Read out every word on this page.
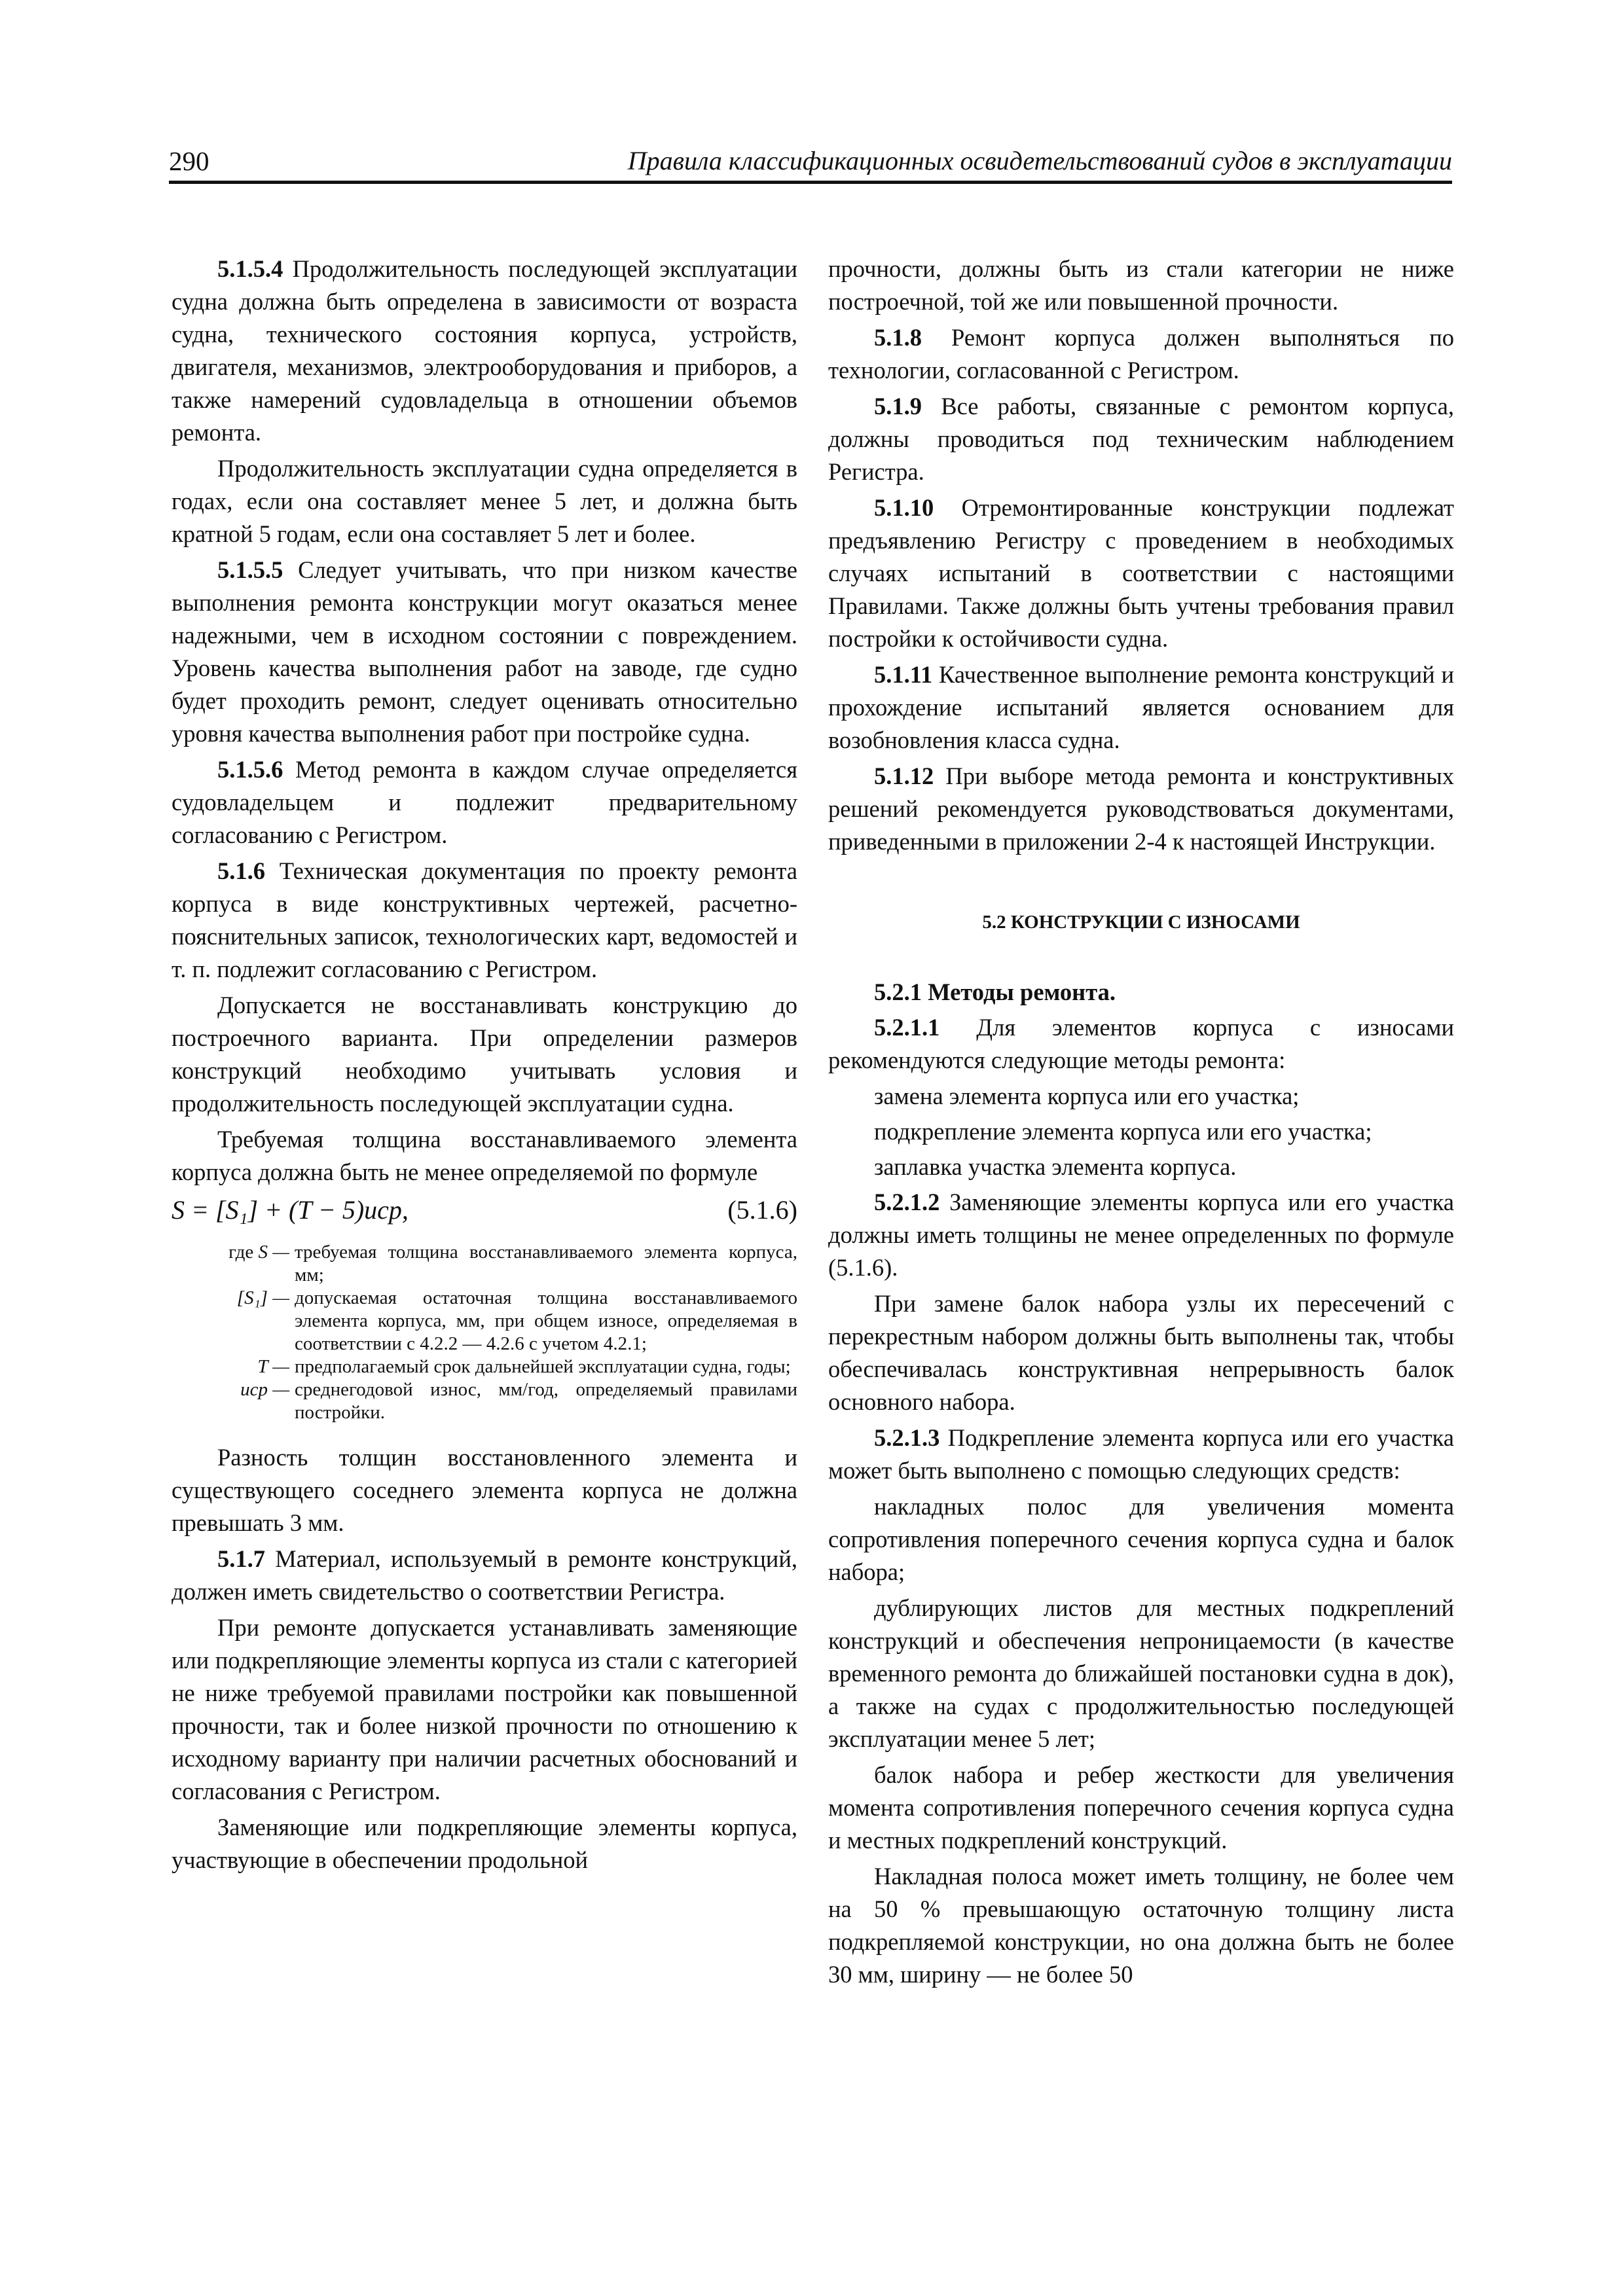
290	Правила классификационных освидетельствований судов в эксплуатации

5.1.5.4 Продолжительность последующей эксплуатации судна должна быть определена в зависимости от возраста судна, технического состояния корпуса, устройств, двигателя, механизмов, электрооборудования и приборов, а также намерений судовладельца в отношении объемов ремонта.

Продолжительность эксплуатации судна определяется в годах, если она составляет менее 5 лет, и должна быть кратной 5 годам, если она составляет 5 лет и более.

5.1.5.5 Следует учитывать, что при низком качестве выполнения ремонта конструкции могут оказаться менее надежными, чем в исходном состоянии с повреждением. Уровень качества выполнения работ на заводе, где судно будет проходить ремонт, следует оценивать относительно уровня качества выполнения работ при постройке судна.

5.1.5.6 Метод ремонта в каждом случае определяется судовладельцем и подлежит предварительному согласованию с Регистром.

5.1.6 Техническая документация по проекту ремонта корпуса в виде конструктивных чертежей, расчетно-пояснительных записок, технологических карт, ведомостей и т. п. подлежит согласованию с Регистром.

Допускается не восстанавливать конструкцию до построечного варианта. При определении размеров конструкций необходимо учитывать условия и продолжительность последующей эксплуатации судна.

Требуемая толщина восстанавливаемого элемента корпуса должна быть не менее определяемой по формуле

S = [S₁] + (T − 5)uср,	(5.1.6)
где S — требуемая толщина восстанавливаемого элемента корпуса, мм;
[S₁] — допускаемая остаточная толщина восстанавливаемого элемента корпуса, мм, при общем износе, определяемая в соответствии с 4.2.2 — 4.2.6 с учетом 4.2.1;
T — предполагаемый срок дальнейшей эксплуатации судна, годы;
uср — среднегодовой износ, мм/год, определяемый правилами постройки.

Разность толщин восстановленного элемента и существующего соседнего элемента корпуса не должна превышать 3 мм.

5.1.7 Материал, используемый в ремонте конструкций, должен иметь свидетельство о соответствии Регистра.

При ремонте допускается устанавливать заменяющие или подкрепляющие элементы корпуса из стали с категорией не ниже требуемой правилами постройки как повышенной прочности, так и более низкой прочности по отношению к исходному варианту при наличии расчетных обоснований и согласования с Регистром.

Заменяющие или подкрепляющие элементы корпуса, участвующие в обеспечении продольной

прочности, должны быть из стали категории не ниже построечной, той же или повышенной прочности.

5.1.8 Ремонт корпуса должен выполняться по технологии, согласованной с Регистром.

5.1.9 Все работы, связанные с ремонтом корпуса, должны проводиться под техническим наблюдением Регистра.

5.1.10 Отремонтированные конструкции подлежат предъявлению Регистру с проведением в необходимых случаях испытаний в соответствии с настоящими Правилами. Также должны быть учтены требования правил постройки к остойчивости судна.

5.1.11 Качественное выполнение ремонта конструкций и прохождение испытаний является основанием для возобновления класса судна.

5.1.12 При выборе метода ремонта и конструктивных решений рекомендуется руководствоваться документами, приведенными в приложении 2-4 к настоящей Инструкции.

5.2 КОНСТРУКЦИИ С ИЗНОСАМИ

5.2.1 Методы ремонта.

5.2.1.1 Для элементов корпуса с износами рекомендуются следующие методы ремонта:

замена элемента корпуса или его участка;

подкрепление элемента корпуса или его участка;

заплавка участка элемента корпуса.

5.2.1.2 Заменяющие элементы корпуса или его участка должны иметь толщины не менее определенных по формуле (5.1.6).

При замене балок набора узлы их пересечений с перекрестным набором должны быть выполнены так, чтобы обеспечивалась конструктивная непрерывность балок основного набора.

5.2.1.3 Подкрепление элемента корпуса или его участка может быть выполнено с помощью следующих средств:

накладных полос для увеличения момента сопротивления поперечного сечения корпуса судна и балок набора;

дублирующих листов для местных подкреплений конструкций и обеспечения непроницаемости (в качестве временного ремонта до ближайшей постановки судна в док), а также на судах с продолжительностью последующей эксплуатации менее 5 лет;

балок набора и ребер жесткости для увеличения момента сопротивления поперечного сечения корпуса судна и местных подкреплений конструкций.

Накладная полоса может иметь толщину, не более чем на 50 % превышающую остаточную толщину листа подкрепляемой конструкции, но она должна быть не более 30 мм, ширину — не более 50
